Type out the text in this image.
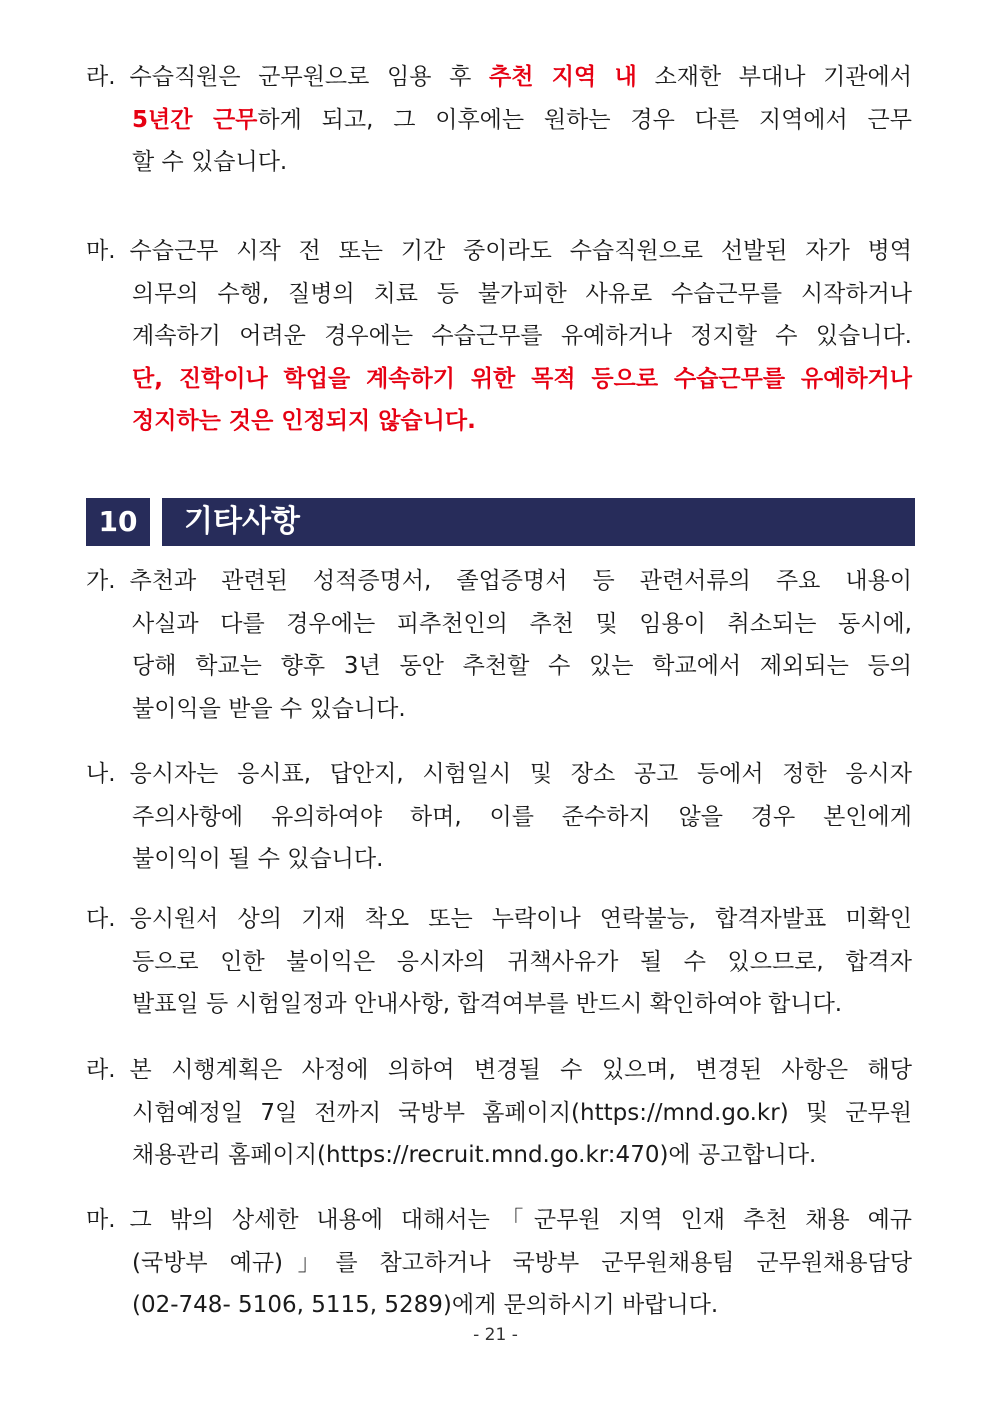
라. 수습직원은 군무원으로 임용 후 추천 지역 내 소재한 부대나 기관에서
5년간 근무하게 되고, 그 이후에는 원하는 경우 다른 지역에서 근무
할 수 있습니다.
마. 수습근무 시작 전 또는 기간 중이라도 수습직원으로 선발된 자가 병역
의무의 수행, 질병의 치료 등 불가피한 사유로 수습근무를 시작하거나
계속하기 어려운 경우에는 수습근무를 유예하거나 정지할 수 있습니다.
단, 진학이나 학업을 계속하기 위한 목적 등으로 수습근무를 유예하거나
정지하는 것은 인정되지 않습니다.
10	기타사항
가. 추천과 관련된 성적증명서, 졸업증명서 등 관련서류의 주요 내용이
사실과 다를 경우에는 피추천인의 추천 및 임용이 취소되는 동시에,
당해 학교는 향후 3년 동안 추천할 수 있는 학교에서 제외되는 등의
불이익을 받을 수 있습니다.
나. 응시자는 응시표, 답안지, 시험일시 및 장소 공고 등에서 정한 응시자
주의사항에 유의하여야 하며, 이를 준수하지 않을 경우 본인에게
불이익이 될 수 있습니다.
다. 응시원서 상의 기재 착오 또는 누락이나 연락불능, 합격자발표 미확인
등으로 인한 불이익은 응시자의 귀책사유가 될 수 있으므로, 합격자
발표일 등 시험일정과 안내사항, 합격여부를 반드시 확인하여야 합니다.
라. 본 시행계획은 사정에 의하여 변경될 수 있으며, 변경된 사항은 해당
시험예정일 7일 전까지 국방부 홈페이지(https://mnd.go.kr) 및 군무원
채용관리 홈페이지(https://recruit.mnd.go.kr:470)에 공고합니다.
마. 그 밖의 상세한 내용에 대해서는「군무원 지역 인재 추천 채용 예규
(국방부 예규)」를 참고하거나 국방부 군무원채용팀 군무원채용담당
(02-748- 5106, 5115, 5289)에게 문의하시기 바랍니다.
- 21 -
